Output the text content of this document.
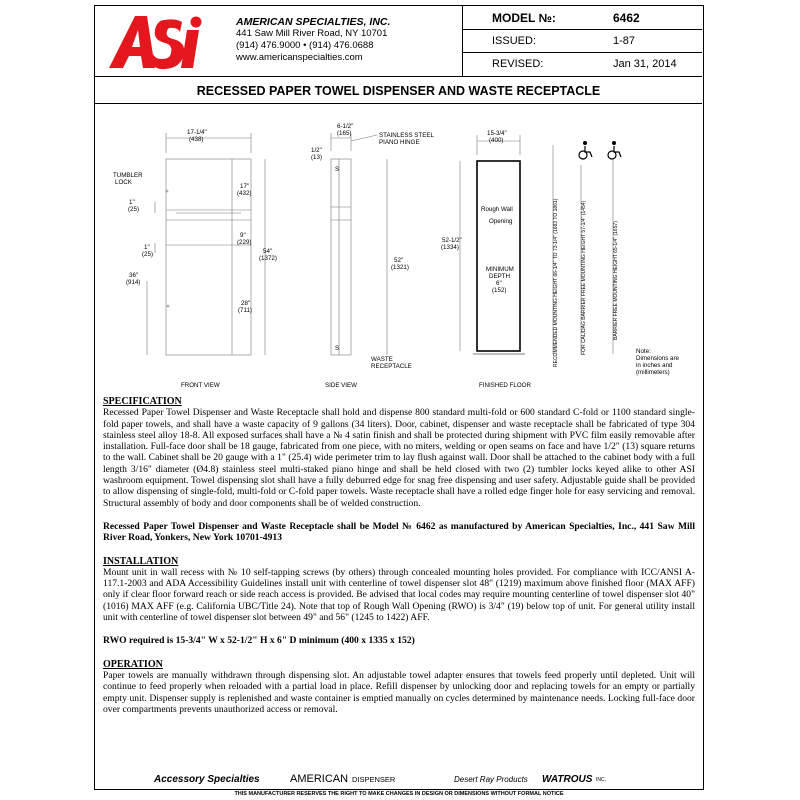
AMERICAN SPECIALTIES, INC.
441 Saw Mill River Road, NY 10701
(914) 476.9000 • (914) 476.0688
www.americanspecialties.com
MODEL №:	6462
ISSUED:	1-87
REVISED:	Jan 31, 2014
RECESSED PAPER TOWEL DISPENSER AND WASTE RECEPTACLE
17-1/4"
(438)
TUMBLER
LOCK
1"
(25)
17"
(432)
9"
(229)
54"
(1372)
1"
(25)
36"
(914)
28"
(711)
FRONT VIEW
6-1/2"
(165)	STAINLESS STEEL
PIANO HINGE
1/2"
(13)
S
S
52"
(1321)
WASTE
RECEPTACLE
SIDE VIEW
15-3/4"
(400)
52-1/2"
(1334)
Rough Wall
Opening
MINIMUM
DEPTH
6"
(152)
FINISHED FLOOR
RECOMMENDED MOUNTING HEIGHT 66-1/4" TO 73-1/4" (1683 TO 1861)	FOR CAL/DAG BARRIER FREE MOUNTING HEIGHT 57-1/4" (1454)	BARRIER FREE MOUNTING HEIGHT 65-1/4" (1657)
Note:
Dimensions are
in inches and
(millimeters)
SPECIFICATION

Recessed Paper Towel Dispenser and Waste Receptacle shall hold and dispense 800 standard multi-fold or 600 standard C-fold or 1100 standard single-fold paper towels, and shall have a waste capacity of 9 gallons (34 liters). Door, cabinet, dispenser and waste receptacle shall be fabricated of type 304 stainless steel alloy 18-8. All exposed surfaces shall have a № 4 satin finish and shall be protected during shipment with PVC film easily removable after installation. Full-face door shall be 18 gauge, fabricated from one piece, with no miters, welding or open seams on face and have 1/2" (13) square returns to the wall. Cabinet shall be 20 gauge with a 1" (25.4) wide perimeter trim to lay flush against wall. Door shall be attached to the cabinet body with a full length 3/16" diameter (Ø4.8) stainless steel multi-staked piano hinge and shall be held closed with two (2) tumbler locks keyed alike to other ASI washroom equipment. Towel dispensing slot shall have a fully deburred edge for snag free dispensing and user safety. Adjustable guide shall be provided to allow dispensing of single-fold, multi-fold or C-fold paper towels. Waste receptacle shall have a rolled edge finger hole for easy servicing and removal. Structural assembly of body and door components shall be of welded construction.

Recessed Paper Towel Dispenser and Waste Receptacle shall be Model № 6462 as manufactured by American Specialties, Inc., 441 Saw Mill River Road, Yonkers, New York 10701-4913

INSTALLATION

Mount unit in wall recess with № 10 self-tapping screws (by others) through concealed mounting holes provided. For compliance with ICC/ANSI A-117.1-2003 and ADA Accessibility Guidelines install unit with centerline of towel dispenser slot 48" (1219) maximum above finished floor (MAX AFF) only if clear floor forward reach or side reach access is provided. Be advised that local codes may require mounting centerline of towel dispenser slot 40" (1016) MAX AFF (e.g. California UBC/Title 24). Note that top of Rough Wall Opening (RWO) is 3/4" (19) below top of unit. For general utility install unit with centerline of towel dispenser slot between 49" and 56" (1245 to 1422) AFF.

RWO required is 15-3/4" W x 52-1/2" H x 6" D minimum (400 x 1335 x 152)

OPERATION

Paper towels are manually withdrawn through dispensing slot. An adjustable towel adapter ensures that towels feed properly until depleted. Unit will continue to feed properly when reloaded with a partial load in place. Refill dispenser by unlocking door and replacing towels for an empty or partially empty unit. Dispenser supply is replenished and waste container is emptied manually on cycles determined by maintenance needs. Locking full-face door over compartments prevents unauthorized access or removal.

Accessory Specialties	AMERICAN DISPENSER	Desert Ray Products WATROUS INC.
THIS MANUFACTURER RESERVES THE RIGHT TO MAKE CHANGES IN DESIGN OR DIMENSIONS WITHOUT FORMAL NOTICE
